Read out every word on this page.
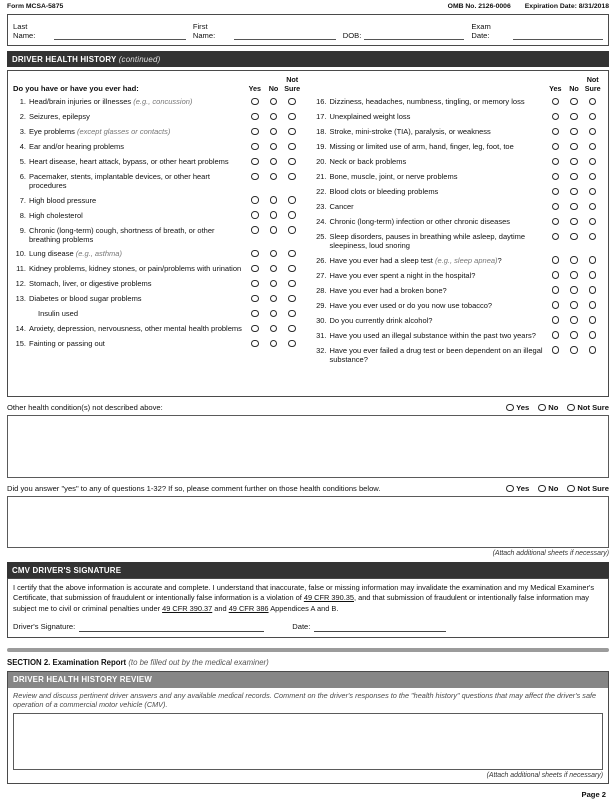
Form MCSA-5875	OMB No. 2126-0006 Expiration Date: 8/31/2018
Last Name:
First Name:	DOB:
Exam Date:
DRIVER HEALTH HISTORY (continued)
Do you have or have you ever had:	Yes	No
Not
Sure
1. Head/brain injuries or illnesses (e.g., concussion)
2. Seizures, epilepsy
3. Eye problems (except glasses or contacts)
4. Ear and/or hearing problems
5. Heart disease, heart attack, bypass, or other heart problems
6. Pacemaker, stents, implantable devices, or other heart procedures
7. High blood pressure
8. High cholesterol
9. Chronic (long-term) cough, shortness of breath, or other breathing problems
10. Lung disease (e.g., asthma)
11. Kidney problems, kidney stones, or pain/problems with urination
12. Stomach, liver, or digestive problems
13. Diabetes or blood sugar problems
Insulin used
14. Anxiety, depression, nervousness, other mental health problems
15. Fainting or passing out
Yes	No
Not
Sure
16. Dizziness, headaches, numbness, tingling, or memory loss
17. Unexplained weight loss
18. Stroke, mini-stroke (TIA), paralysis, or weakness
19. Missing or limited use of arm, hand, finger, leg, foot, toe
20. Neck or back problems
21. Bone, muscle, joint, or nerve problems
22. Blood clots or bleeding problems
23. Cancer
24. Chronic (long-term) infection or other chronic diseases
25. Sleep disorders, pauses in breathing while asleep, daytime sleepiness, loud snoring
26. Have you ever had a sleep test (e.g., sleep apnea)?
27. Have you ever spent a night in the hospital?
28. Have you ever had a broken bone?
29. Have you ever used or do you now use tobacco?
30. Do you currently drink alcohol?
31. Have you used an illegal substance within the past two years?
32. Have you ever failed a drug test or been dependent on an illegal substance?
Other health condition(s) not described above:	Yes	No	Not Sure
Did you answer "yes" to any of questions 1-32? If so, please comment further on those health conditions below.	Yes	No	Not Sure
(Attach additional sheets if necessary)
CMV DRIVER'S SIGNATURE
I certify that the above information is accurate and complete. I understand that inaccurate, false or missing information may invalidate the examination and my Medical Examiner's Certificate, that submission of fraudulent or intentionally false information is a violation of 49 CFR 390.35, and that submission of fraudulent or intentionally false information may subject me to civil or criminal penalties under 49 CFR 390.37 and 49 CFR 386 Appendices A and B.
Driver's Signature:	Date:
SECTION 2. Examination Report (to be filled out by the medical examiner)
DRIVER HEALTH HISTORY REVIEW
Review and discuss pertinent driver answers and any available medical records. Comment on the driver's responses to the "health history" questions that may affect the driver's safe operation of a commercial motor vehicle (CMV).
(Attach additional sheets if necessary)
Page 2
